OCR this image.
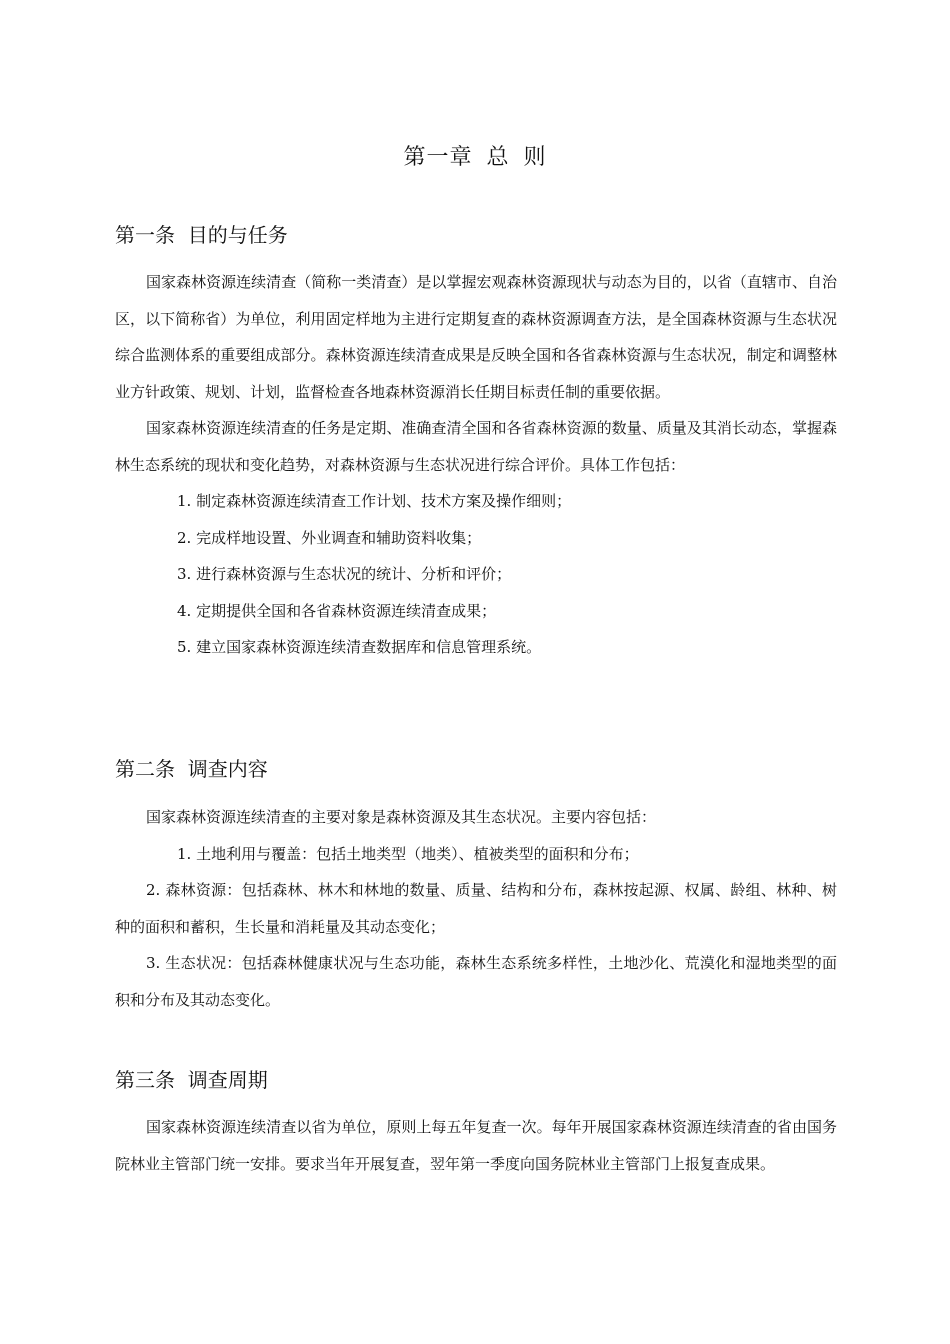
第一章 总 则
第一条  目的与任务

国家森林资源连续清查（简称一类清查）是以掌握宏观森林资源现状与动态为目的，以省（直辖市、自治区，以下简称省）为单位，利用固定样地为主进行定期复查的森林资源调查方法，是全国森林资源与生态状况综合监测体系的重要组成部分。森林资源连续清查成果是反映全国和各省森林资源与生态状况，制定和调整林业方针政策、规划、计划，监督检查各地森林资源消长任期目标责任制的重要依据。

国家森林资源连续清查的任务是定期、准确查清全国和各省森林资源的数量、质量及其消长动态，掌握森林生态系统的现状和变化趋势，对森林资源与生态状况进行综合评价。具体工作包括：

1. 制定森林资源连续清查工作计划、技术方案及操作细则；

2. 完成样地设置、外业调查和辅助资料收集；

3. 进行森林资源与生态状况的统计、分析和评价；

4. 定期提供全国和各省森林资源连续清查成果；

5. 建立国家森林资源连续清查数据库和信息管理系统。

第二条  调查内容

国家森林资源连续清查的主要对象是森林资源及其生态状况。主要内容包括：

1. 土地利用与覆盖：包括土地类型（地类）、植被类型的面积和分布；

2. 森林资源：包括森林、林木和林地的数量、质量、结构和分布，森林按起源、权属、龄组、林种、树种的面积和蓄积，生长量和消耗量及其动态变化；

3. 生态状况：包括森林健康状况与生态功能，森林生态系统多样性，土地沙化、荒漠化和湿地类型的面积和分布及其动态变化。

第三条  调查周期

国家森林资源连续清查以省为单位，原则上每五年复查一次。每年开展国家森林资源连续清查的省由国务院林业主管部门统一安排。要求当年开展复查，翌年第一季度向国务院林业主管部门上报复查成果。
